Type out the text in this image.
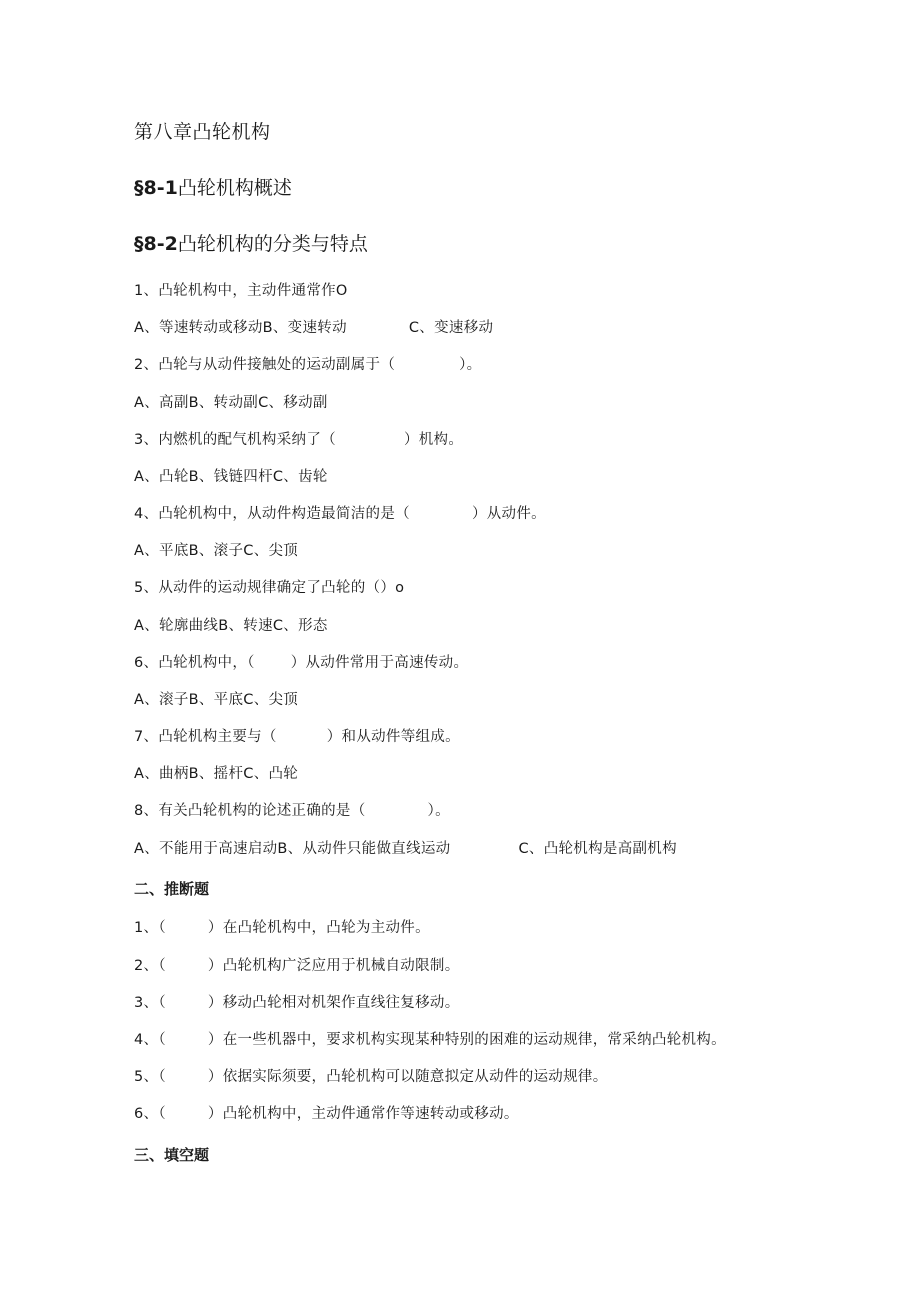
第八章凸轮机构
§8-1凸轮机构概述
§8-2凸轮机构的分类与特点
1、凸轮机构中，主动件通常作O
A、等速转动或移动B、变速转动	C、变速移动
2、凸轮与从动件接触处的运动副属于（	）。
A、高副B、转动副C、移动副
3、内燃机的配气机构采纳了（	）机构。
A、凸轮B、钱链四杆C、齿轮
4、凸轮机构中，从动件构造最简洁的是（	）从动件。
A、平底B、滚子C、尖顶
5、从动件的运动规律确定了凸轮的（）o
A、轮廓曲线B、转速C、形态
6、凸轮机构中，（ ）从动件常用于高速传动。
A、滚子B、平底C、尖顶
7、凸轮机构主要与（	）和从动件等组成。
A、曲柄B、摇杆C、凸轮
8、有关凸轮机构的论述正确的是（	）。
A、不能用于高速启动B、从动件只能做直线运动	C、凸轮机构是高副机构
二、推断题
1、（	）在凸轮机构中，凸轮为主动件。
2、（	）凸轮机构广泛应用于机械自动限制。
3、（	）移动凸轮相对机架作直线往复移动。
4、（	）在一些机器中，要求机构实现某种特别的困难的运动规律，常采纳凸轮机构。
5、（	）依据实际须要，凸轮机构可以随意拟定从动件的运动规律。
6、（	）凸轮机构中，主动件通常作等速转动或移动。
三、填空题
